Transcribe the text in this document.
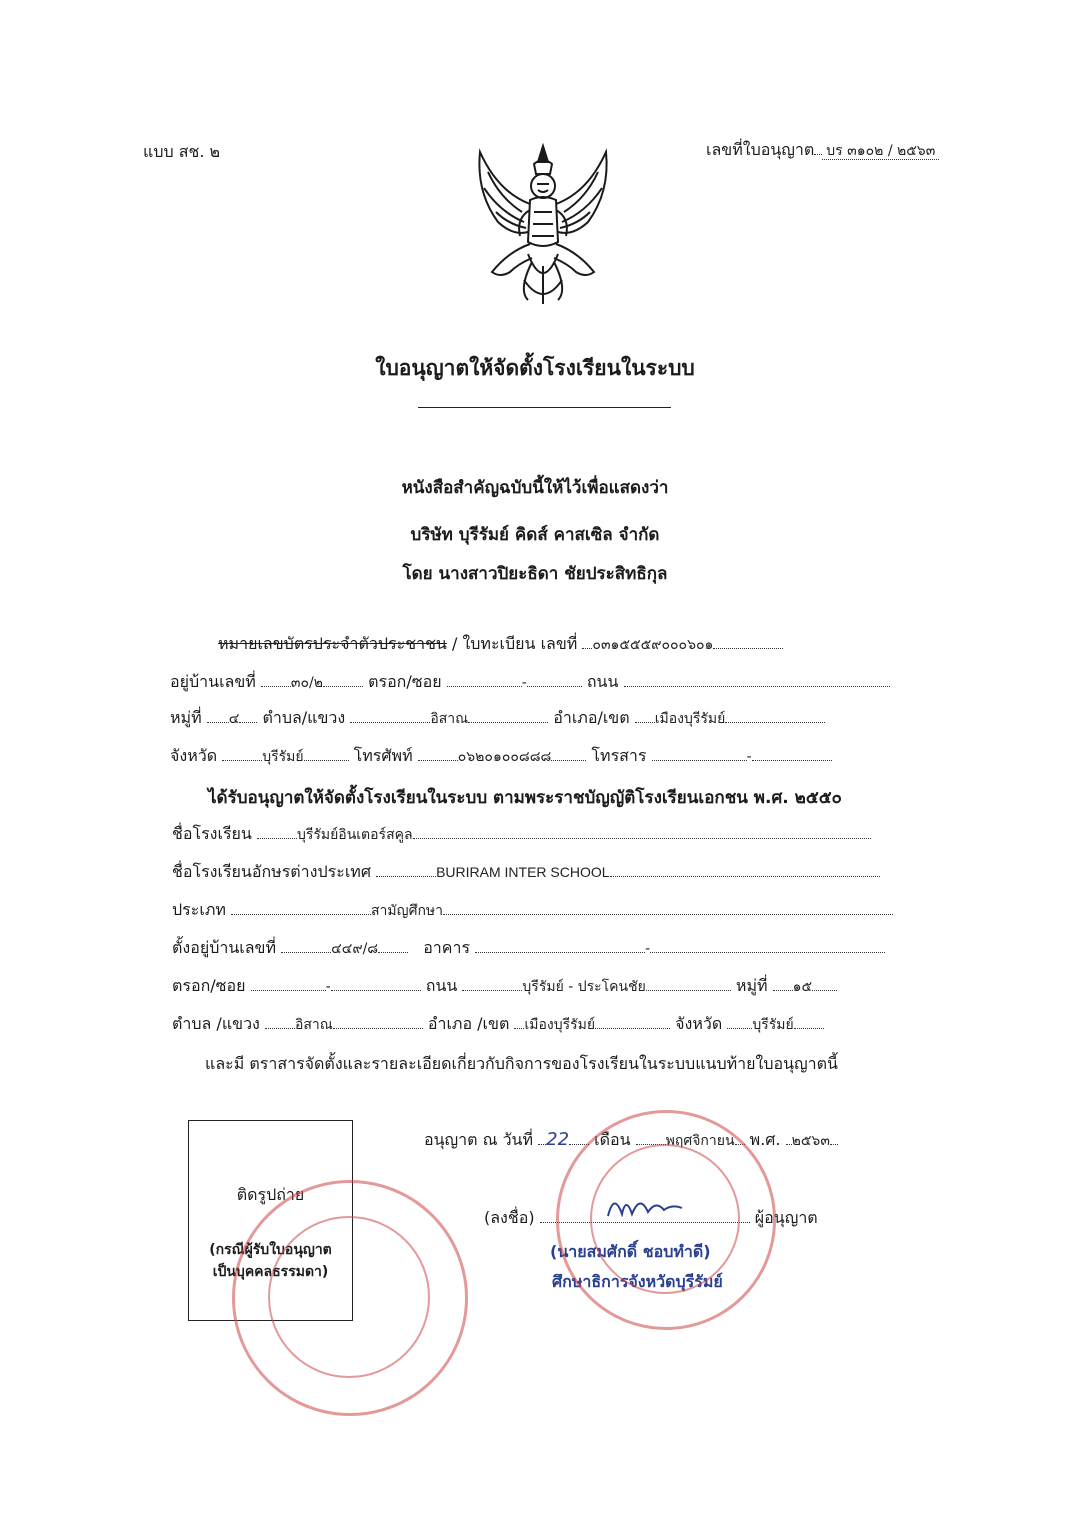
แบบ สช. ๒	เลขที่ใบอนุญาต บร ๓๑๐๒ / ๒๕๖๓
ใบอนุญาตให้จัดตั้งโรงเรียนในระบบ
หนังสือสำคัญฉบับนี้ให้ไว้เพื่อแสดงว่า
บริษัท บุรีรัมย์ คิดส์ คาสเซิล จำกัด
โดย นางสาวปิยะธิดา ชัยประสิทธิกุล
หมายเลขบัตรประจำตัวประชาชน / ใบทะเบียน เลขที่ ๐๓๑๕๕๕๙๐๐๐๖๐๑
อยู่บ้านเลขที่	๓๐/๒	ตรอก/ซอย	-	ถนน
หมู่ที่ ๔ ตำบล/แขวง	อิสาณ	อำเภอ/เขต เมืองบุรีรัมย์
จังหวัด	บุรีรัมย์	โทรศัพท์	๐๖๒๐๑๐๐๘๘๘	โทรสาร	-
ได้รับอนุญาตให้จัดตั้งโรงเรียนในระบบ ตามพระราชบัญญัติโรงเรียนเอกชน พ.ศ. ๒๕๕๐
ชื่อโรงเรียน	บุรีรัมย์อินเตอร์สคูล
ชื่อโรงเรียนอักษรต่างประเทศ	BURIRAM INTER SCHOOL
ประเภท	สามัญศึกษา
ตั้งอยู่บ้านเลขที่	๔๔๙/๘	อาคาร	-
ตรอก/ซอย	-	ถนน	บุรีรัมย์ - ประโคนชัย	หมู่ที่ ๑๕
ตำบล /แขวง	อิสาณ	อำเภอ /เขต เมืองบุรีรัมย์	จังหวัด บุรีรัมย์
และมี ตราสารจัดตั้งและรายละเอียดเกี่ยวกับกิจการของโรงเรียนในระบบแนบท้ายใบอนุญาตนี้
ติดรูปถ่าย
(กรณีผู้รับใบอนุญาต
เป็นบุคคลธรรมดา)
อนุญาต ณ วันที่ 22 เดือน	พฤศจิกายน พ.ศ. ๒๕๖๓
(ลงชื่อ)	ผู้อนุญาต
(นายสมศักดิ์ ชอบทำดี)
ศึกษาธิการจังหวัดบุรีรัมย์
